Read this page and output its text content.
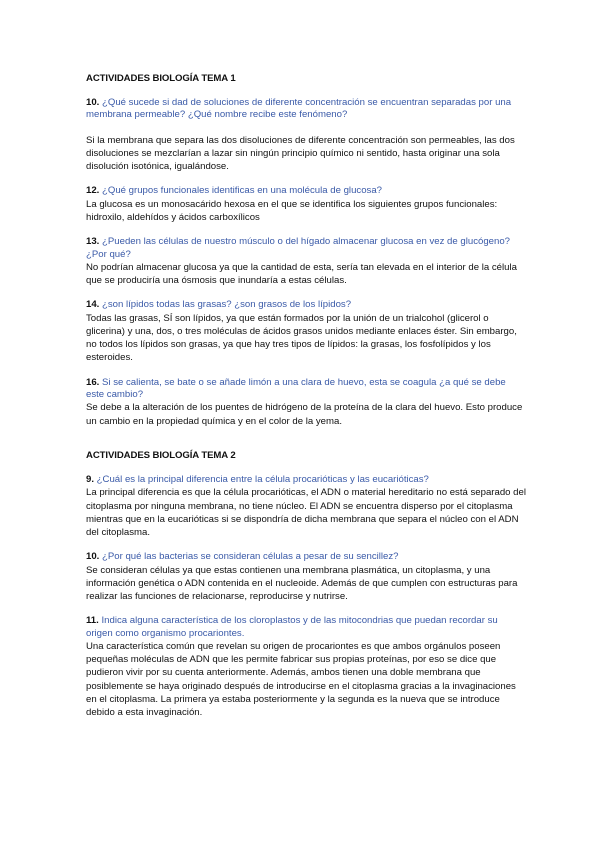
ACTIVIDADES BIOLOGÍA TEMA 1

10. ¿Qué sucede si dad de soluciones de diferente concentración se encuentran separadas por una membrana permeable? ¿Qué nombre recibe este fenómeno?

Si la membrana que separa las dos disoluciones de diferente concentración son permeables, las dos disoluciones se mezclarían a lazar sin ningún principio químico ni sentido, hasta originar una sola disolución isotónica, igualándose.

12. ¿Qué grupos funcionales identificas en una molécula de glucosa?

La glucosa es un monosacárido hexosa en el que se identifica los siguientes grupos funcionales: hidroxilo, aldehídos y ácidos carboxílicos

13. ¿Pueden las células de nuestro músculo o del hígado almacenar glucosa en vez de glucógeno? ¿Por qué?

No podrían almacenar glucosa ya que la cantidad de esta, sería tan elevada en el interior de la célula que se produciría una ósmosis que inundaría a estas células.

14. ¿son lípidos todas las grasas? ¿son grasos de los lípidos?

Todas las grasas, SÍ son lípidos, ya que están formados por la unión de un trialcohol (glicerol o glicerina) y una, dos, o tres moléculas de ácidos grasos unidos mediante enlaces éster. Sin embargo, no todos los lípidos son grasas, ya que hay tres tipos de lípidos: la grasas, los fosfolípidos y los esteroides.

16. Si se calienta, se bate o se añade limón a una clara de huevo, esta se coagula ¿a qué se debe este cambio?

Se debe a la alteración de los puentes de hidrógeno de la proteína de la clara del huevo. Esto produce un cambio en la propiedad química y en el color de la yema.

ACTIVIDADES BIOLOGÍA TEMA 2

9. ¿Cuál es la principal diferencia entre la célula procarióticas y las eucarióticas?

La principal diferencia es que la célula procarióticas, el ADN o material hereditario no está separado del citoplasma por ninguna membrana, no tiene núcleo. El ADN se encuentra disperso por el citoplasma mientras que en la eucarióticas si se dispondría de dicha membrana que separa el núcleo con el ADN del citoplasma.

10. ¿Por qué las bacterias se consideran células a pesar de su sencillez?

Se consideran células ya que estas contienen una membrana plasmática, un citoplasma, y una información genética o ADN contenida en el nucleoide. Además de que cumplen con estructuras para realizar las funciones de relacionarse, reproducirse y nutrirse.

11. Indica alguna característica de los cloroplastos y de las mitocondrias que puedan recordar su origen como organismo procariontes.

Una característica común que revelan su origen de procariontes es que ambos orgánulos poseen pequeñas moléculas de ADN que les permite fabricar sus propias proteínas, por eso se dice que pudieron vivir por su cuenta anteriormente. Además, ambos tienen una doble membrana que posiblemente se haya originado después de introducirse en el citoplasma gracias a la invaginaciones en el citoplasma. La primera ya estaba posteriormente y la segunda es la nueva que se introduce debido a esta invaginación.
